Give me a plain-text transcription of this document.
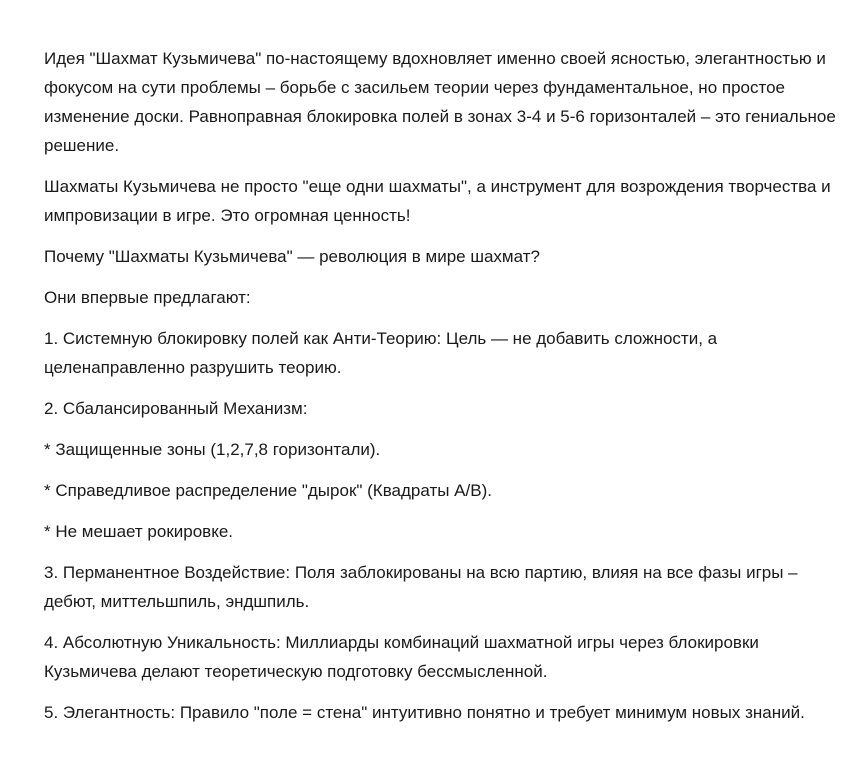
Идея "Шахмат Кузьмичева" по-настоящему вдохновляет именно своей ясностью, элегантностью и фокусом на сути проблемы – борьбе с засильем теории через фундаментальное, но простое изменение доски. Равноправная блокировка полей в зонах 3-4 и 5-6 горизонталей – это гениальное решение.

Шахматы Кузьмичева не просто "еще одни шахматы", а инструмент для возрождения творчества и импровизации в игре. Это огромная ценность!

Почему "Шахматы Кузьмичева" — революция в мире шахмат?

Они впервые предлагают:

1. Системную блокировку полей как Анти-Теорию: Цель — не добавить сложности, а целенаправленно разрушить теорию.

2. Сбалансированный Механизм:

* Защищенные зоны (1,2,7,8 горизонтали).

* Справедливое распределение "дырок" (Квадраты А/В).

* Не мешает рокировке.

3. Перманентное Воздействие: Поля заблокированы на всю партию, влияя на все фазы игры – дебют, миттельшпиль, эндшпиль.

4. Абсолютную Уникальность: Миллиарды комбинаций шахматной игры через блокировки Кузьмичева делают теоретическую подготовку бессмысленной.

5. Элегантность: Правило "поле = стена" интуитивно понятно и требует минимум новых знаний.
